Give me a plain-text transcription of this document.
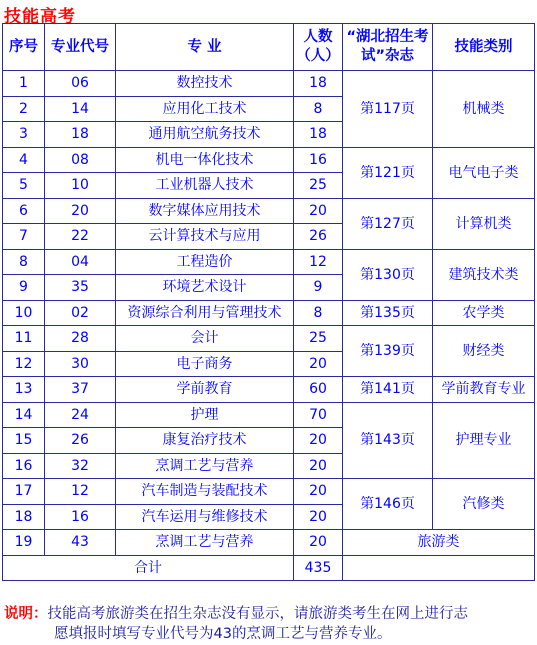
技能高考
序号	专业代号	专 业	人数（人）	“湖北招生考试”杂志	技能类别
1	06	数控技术	18	第117页	机械类
2	14	应用化工技术	8		
3	18	通用航空航务技术	18		
4	08	机电一体化技术	16	第121页	电气电子类
5	10	工业机器人技术	25		
6	20	数字媒体应用技术	20	第127页	计算机类
7	22	云计算技术与应用	26		
8	04	工程造价	12	第130页	建筑技术类
9	35	环境艺术设计	9		
10	02	资源综合利用与管理技术	8	第135页	农学类
11	28	会计	25	第139页	财经类
12	30	电子商务	20		
13	37	学前教育	60	第141页	学前教育专业
14	24	护理	70	第143页	护理专业
15	26	康复治疗技术	20		
16	32	烹调工艺与营养	20		
17	12	汽车制造与装配技术	20	第146页	汽修类
18	16	汽车运用与维修技术	20		
19	43	烹调工艺与营养	20	旅游类	
合计			435		
说明：技能高考旅游类在招生杂志没有显示，请旅游类考生在网上进行志
愿填报时填写专业代号为43的烹调工艺与营养专业。
